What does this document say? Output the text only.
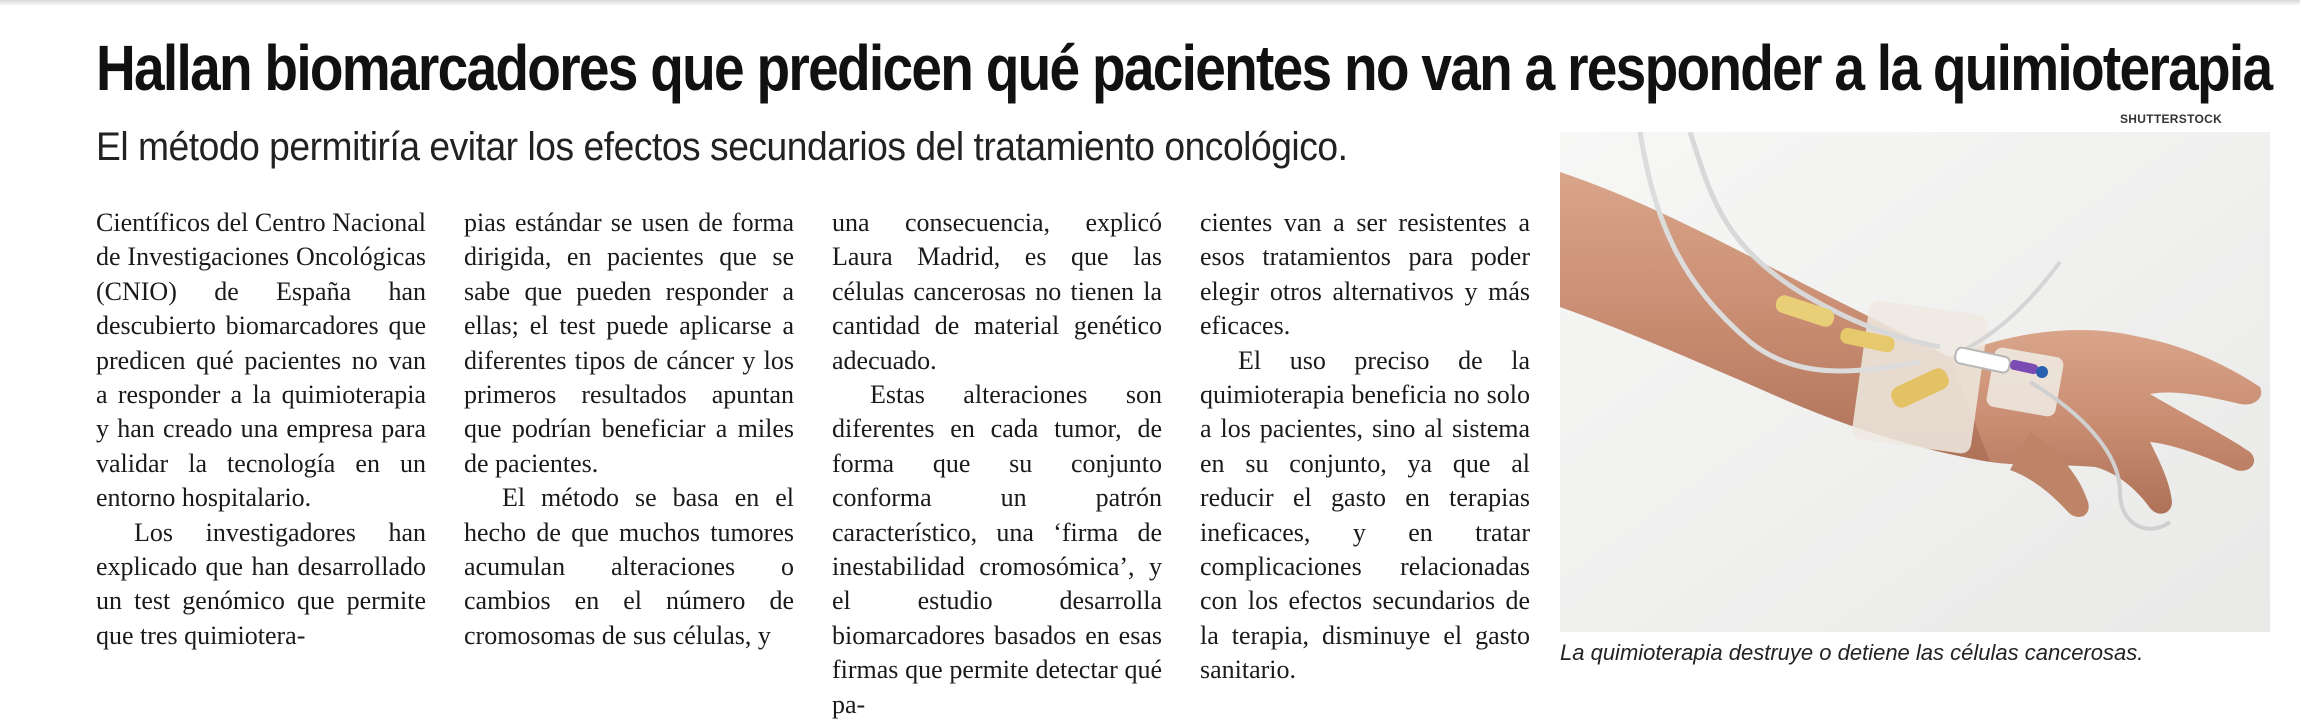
Hallan biomarcadores que predicen qué pacientes no van a responder a la quimioterapia
El método permitiría evitar los efectos secundarios del tratamiento oncológico.

Científicos del Centro Nacional de Investigaciones Oncológicas (CNIO) de España han descubierto biomarcadores que predicen qué pacientes no van a responder a la quimioterapia y han creado una empresa para validar la tecnología en un entorno hospitalario.

Los investigadores han explicado que han desarrollado un test genómico que permite que tres quimiotera-

pias estándar se usen de forma dirigida, en pacientes que se sabe que pueden responder a ellas; el test puede aplicarse a diferentes tipos de cáncer y los primeros resultados apuntan que podrían beneficiar a miles de pacientes.

El método se basa en el hecho de que muchos tumores acumulan alteraciones o cambios en el número de cromosomas de sus células, y

una consecuencia, explicó Laura Madrid, es que las células cancerosas no tienen la cantidad de material genético adecuado.

Estas alteraciones son diferentes en cada tumor, de forma que su conjunto conforma un patrón característico, una ‘firma de inestabilidad cromosómica’, y el estudio desarrolla biomarcadores basados en esas firmas que permite detectar qué pa-

cientes van a ser resistentes a esos tratamientos para poder elegir otros alternativos y más eficaces.

El uso preciso de la quimioterapia beneficia no solo a los pacientes, sino al sistema en su conjunto, ya que al reducir el gasto en terapias ineficaces, y en tratar complicaciones relacionadas con los efectos secundarios de la terapia, disminuye el gasto sanitario.

SHUTTERSTOCK
La quimioterapia destruye o detiene las células cancerosas.
